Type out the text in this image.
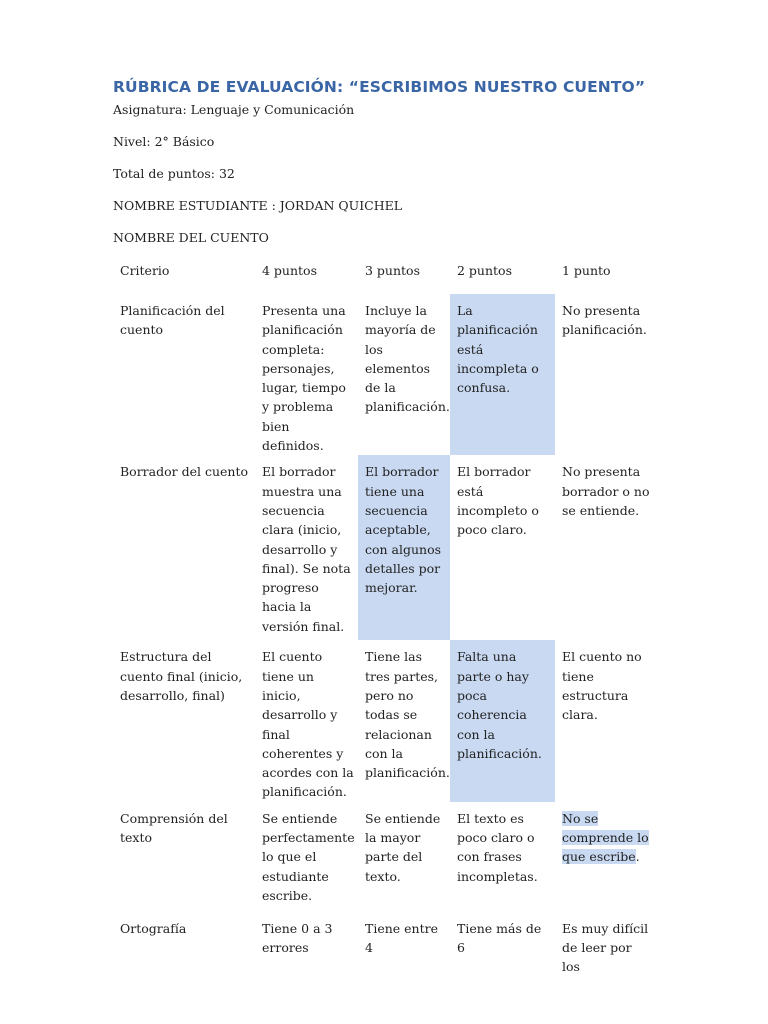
RÚBRICA DE EVALUACIÓN: “ESCRIBIMOS NUESTRO CUENTO”
Asignatura: Lenguaje y Comunicación
Nivel: 2° Básico
Total de puntos: 32
NOMBRE ESTUDIANTE : JORDAN QUICHEL
NOMBRE DEL CUENTO
Criterio	4 puntos	3 puntos	2 puntos	1 punto
Planificación del cuento	Presenta una planificación completa: personajes, lugar, tiempo y problema bien definidos.	Incluye la mayoría de los elementos de la planificación.	La planificación está incompleta o confusa.	No presenta planificación.
Borrador del cuento	El borrador muestra una secuencia clara (inicio, desarrollo y final). Se nota progreso hacia la versión final.	El borrador tiene una secuencia aceptable, con algunos detalles por mejorar.	El borrador está incompleto o poco claro.	No presenta borrador o no se entiende.
Estructura del cuento final (inicio, desarrollo, final)	El cuento tiene un inicio, desarrollo y final coherentes y acordes con la planificación.	Tiene las tres partes, pero no todas se relacionan con la planificación.	Falta una parte o hay poca coherencia con la planificación.	El cuento no tiene estructura clara.
Comprensión del texto	Se entiende perfectamente lo que el estudiante escribe.	Se entiende la mayor parte del texto.	El texto es poco claro o con frases incompletas.	No se comprende lo que escribe.
Ortografía	Tiene 0 a 3 errores	Tiene entre 4	Tiene más de 6	Es muy difícil de leer por los
